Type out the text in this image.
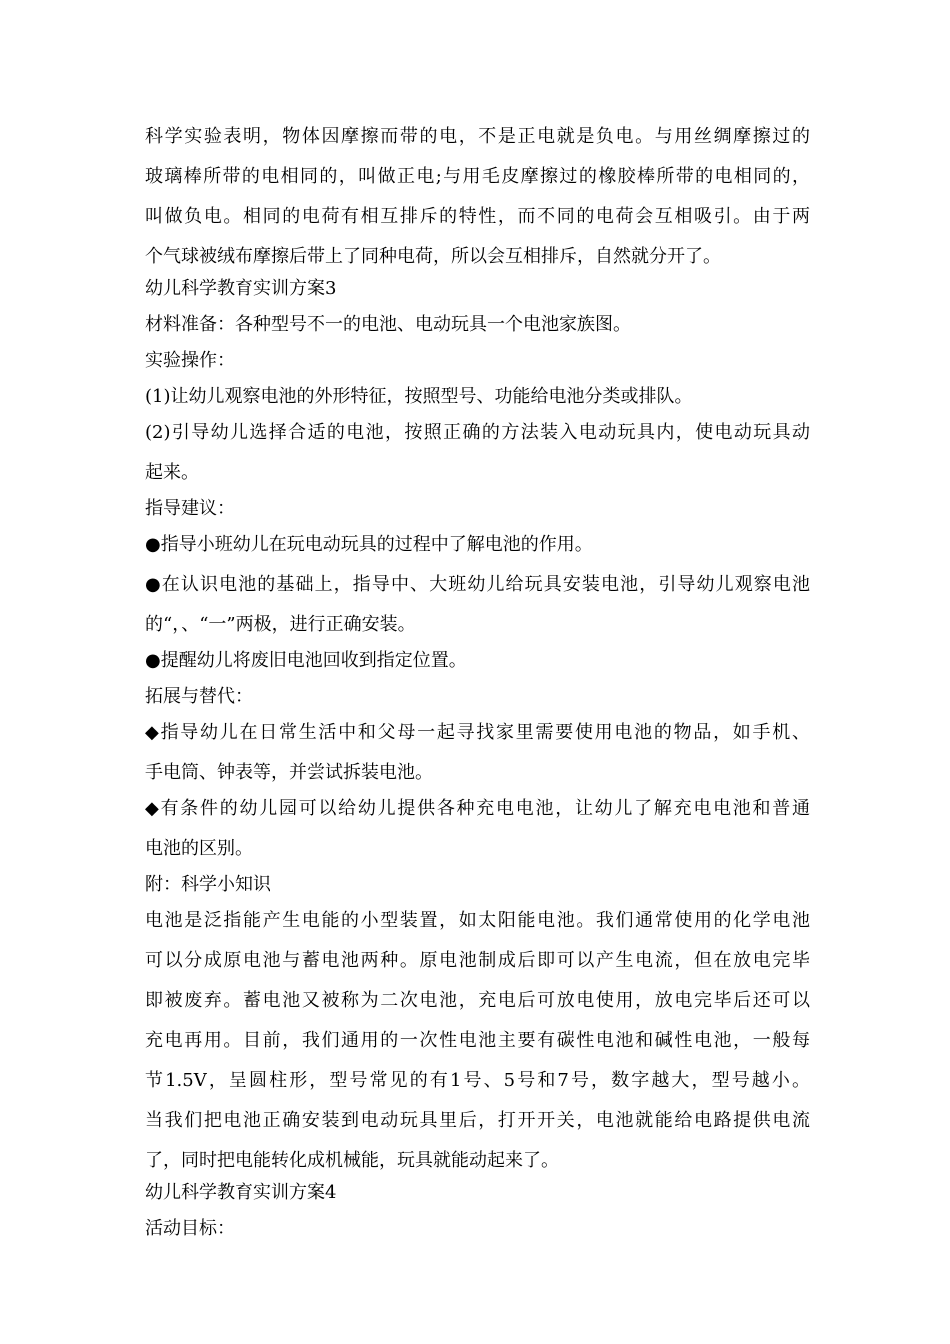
科学实验表明，物体因摩擦而带的电，不是正电就是负电。与用丝绸摩擦过的
玻璃棒所带的电相同的，叫做正电;与用毛皮摩擦过的橡胶棒所带的电相同的，
叫做负电。相同的电荷有相互排斥的特性，而不同的电荷会互相吸引。由于两
个气球被绒布摩擦后带上了同种电荷，所以会互相排斥，自然就分开了。
幼儿科学教育实训方案3
材料准备：各种型号不一的电池、电动玩具一个电池家族图。
实验操作：
(1)让幼儿观察电池的外形特征，按照型号、功能给电池分类或排队。
(2)引导幼儿选择合适的电池，按照正确的方法装入电动玩具内，使电动玩具动
起来。
指导建议：
●指导小班幼儿在玩电动玩具的过程中了解电池的作用。
●在认识电池的基础上，指导中、大班幼儿给玩具安装电池，引导幼儿观察电池
的“，、“一”两极，进行正确安装。
●提醒幼儿将废旧电池回收到指定位置。
拓展与替代：
◆指导幼儿在日常生活中和父母一起寻找家里需要使用电池的物品，如手机、
手电筒、钟表等，并尝试拆装电池。
◆有条件的幼儿园可以给幼儿提供各种充电电池，让幼儿了解充电电池和普通
电池的区别。
附：科学小知识
电池是泛指能产生电能的小型装置，如太阳能电池。我们通常使用的化学电池
可以分成原电池与蓄电池两种。原电池制成后即可以产生电流，但在放电完毕
即被废弃。蓄电池又被称为二次电池，充电后可放电使用，放电完毕后还可以
充电再用。目前，我们通用的一次性电池主要有碳性电池和碱性电池，一般每
节1.5V，呈圆柱形，型号常见的有1号、5号和7号，数字越大，型号越小。
当我们把电池正确安装到电动玩具里后，打开开关，电池就能给电路提供电流
了，同时把电能转化成机械能，玩具就能动起来了。
幼儿科学教育实训方案4
活动目标：
